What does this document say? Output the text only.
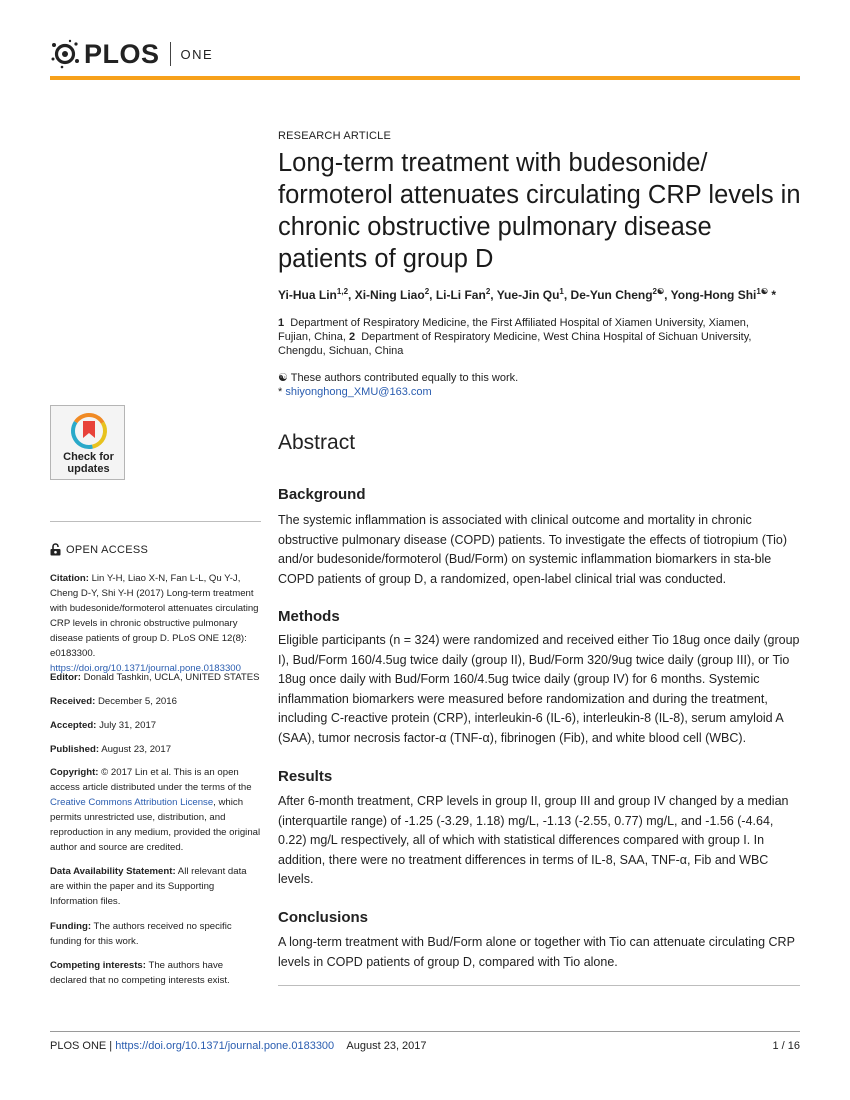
PLOS ONE
RESEARCH ARTICLE
Long-term treatment with budesonide/ formoterol attenuates circulating CRP levels in chronic obstructive pulmonary disease patients of group D
Yi-Hua Lin$^{1,2}$, Xi-Ning Liao$^2$, Li-Li Fan$^2$, Yue-Jin Qu$^1$, De-Yun Cheng$^{2☯}$, Yong-Hong Shi$^{1☯}$ *
1 Department of Respiratory Medicine, the First Affiliated Hospital of Xiamen University, Xiamen, Fujian, China, 2 Department of Respiratory Medicine, West China Hospital of Sichuan University, Chengdu, Sichuan, China
☯ These authors contributed equally to this work.
* shiyonghong_XMU@163.com
Abstract
Background
The systemic inflammation is associated with clinical outcome and mortality in chronic obstructive pulmonary disease (COPD) patients. To investigate the effects of tiotropium (Tio) and/or budesonide/formoterol (Bud/Form) on systemic inflammation biomarkers in sta-ble COPD patients of group D, a randomized, open-label clinical trial was conducted.
Methods
Eligible participants (n = 324) were randomized and received either Tio 18ug once daily (group I), Bud/Form 160/4.5ug twice daily (group II), Bud/Form 320/9ug twice daily (group III), or Tio 18ug once daily with Bud/Form 160/4.5ug twice daily (group IV) for 6 months. Systemic inflammation biomarkers were measured before randomization and during the treatment, including C-reactive protein (CRP), interleukin-6 (IL-6), interleukin-8 (IL-8), serum amyloid A (SAA), tumor necrosis factor-α (TNF-α), fibrinogen (Fib), and white blood cell (WBC).
Results
After 6-month treatment, CRP levels in group II, group III and group IV changed by a median (interquartile range) of -1.25 (-3.29, 1.18) mg/L, -1.13 (-2.55, 0.77) mg/L, and -1.56 (-4.64, 0.22) mg/L respectively, all of which with statistical differences compared with group I. In addition, there were no treatment differences in terms of IL-8, SAA, TNF-α, Fib and WBC levels.
Conclusions
A long-term treatment with Bud/Form alone or together with Tio can attenuate circulating CRP levels in COPD patients of group D, compared with Tio alone.
Check for
updates
OPEN ACCESS
Citation: Lin Y-H, Liao X-N, Fan L-L, Qu Y-J, Cheng D-Y, Shi Y-H (2017) Long-term treatment with budesonide/formoterol attenuates circulating CRP levels in chronic obstructive pulmonary disease patients of group D. PLoS ONE 12(8): e0183300. https://doi.org/10.1371/journal.pone.0183300
Editor: Donald Tashkin, UCLA, UNITED STATES
Received: December 5, 2016
Accepted: July 31, 2017
Published: August 23, 2017
Copyright: © 2017 Lin et al. This is an open access article distributed under the terms of the Creative Commons Attribution License, which permits unrestricted use, distribution, and reproduction in any medium, provided the original author and source are credited.
Data Availability Statement: All relevant data are within the paper and its Supporting Information files.
Funding: The authors received no specific funding for this work.
Competing interests: The authors have declared that no competing interests exist.
PLOS ONE | https://doi.org/10.1371/journal.pone.0183300 August 23, 2017	1 / 16
